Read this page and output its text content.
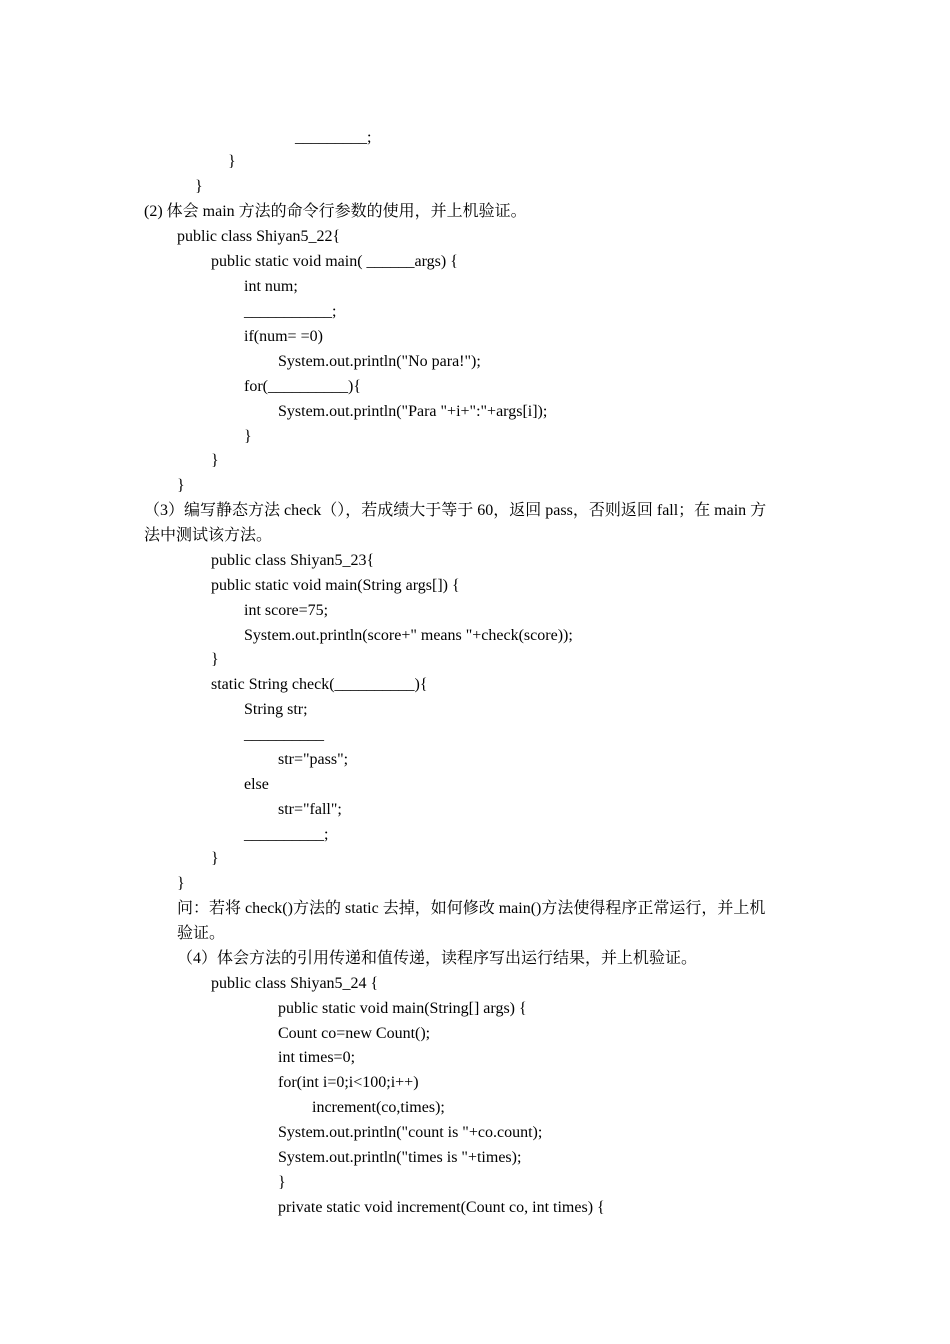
_________;
}
}
(2) 体会 main 方法的命令行参数的使用，并上机验证。
public class Shiyan5_22{
public static void main( ______args) {
int num;
___________;
if(num= =0)
System.out.println("No para!");
for(__________){
System.out.println("Para "+i+":"+args[i]);
}
}
}
（3）编写静态方法 check（），若成绩大于等于 60，返回 pass，否则返回 fall；在 main 方
法中测试该方法。
public class Shiyan5_23{
public static void main(String args[]) {
int score=75;
System.out.println(score+" means "+check(score));
}
static String check(__________){
String str;
__________
str="pass";
else
str="fall";
__________;
}
}
问：若将 check()方法的 static 去掉，如何修改 main()方法使得程序正常运行，并上机
验证。
（4）体会方法的引用传递和值传递，读程序写出运行结果，并上机验证。
public class Shiyan5_24 {
public static void main(String[] args) {
Count co=new Count();
int times=0;
for(int i=0;i<100;i++)
increment(co,times);
System.out.println("count is "+co.count);
System.out.println("times is "+times);
}
private static void increment(Count co, int times) {
